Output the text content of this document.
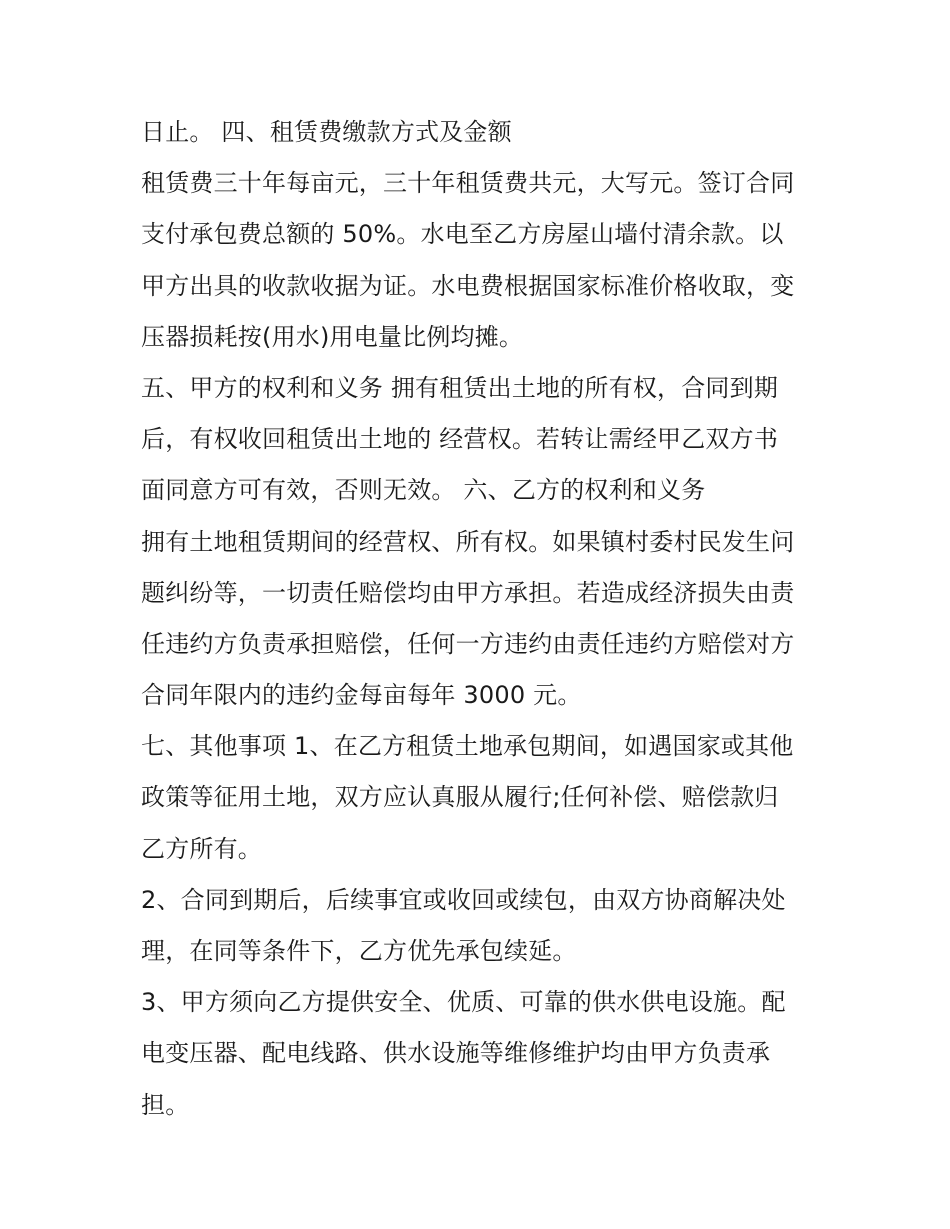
日止。 四、租赁费缴款方式及金额
租赁费三十年每亩元，三十年租赁费共元，大写元。签订合同
支付承包费总额的 50%。水电至乙方房屋山墙付清余款。以
甲方出具的收款收据为证。水电费根据国家标准价格收取，变
压器损耗按(用水)用电量比例均摊。
五、甲方的权利和义务 拥有租赁出土地的所有权，合同到期
后，有权收回租赁出土地的 经营权。若转让需经甲乙双方书
面同意方可有效，否则无效。 六、乙方的权利和义务
拥有土地租赁期间的经营权、所有权。如果镇村委村民发生问
题纠纷等，一切责任赔偿均由甲方承担。若造成经济损失由责
任违约方负责承担赔偿，任何一方违约由责任违约方赔偿对方
合同年限内的违约金每亩每年 3000 元。
七、其他事项 1、在乙方租赁土地承包期间，如遇国家或其他
政策等征用土地，双方应认真服从履行;任何补偿、赔偿款归
乙方所有。
2、合同到期后，后续事宜或收回或续包，由双方协商解决处
理，在同等条件下，乙方优先承包续延。
3、甲方须向乙方提供安全、优质、可靠的供水供电设施。配
电变压器、配电线路、供水设施等维修维护均由甲方负责承
担。
